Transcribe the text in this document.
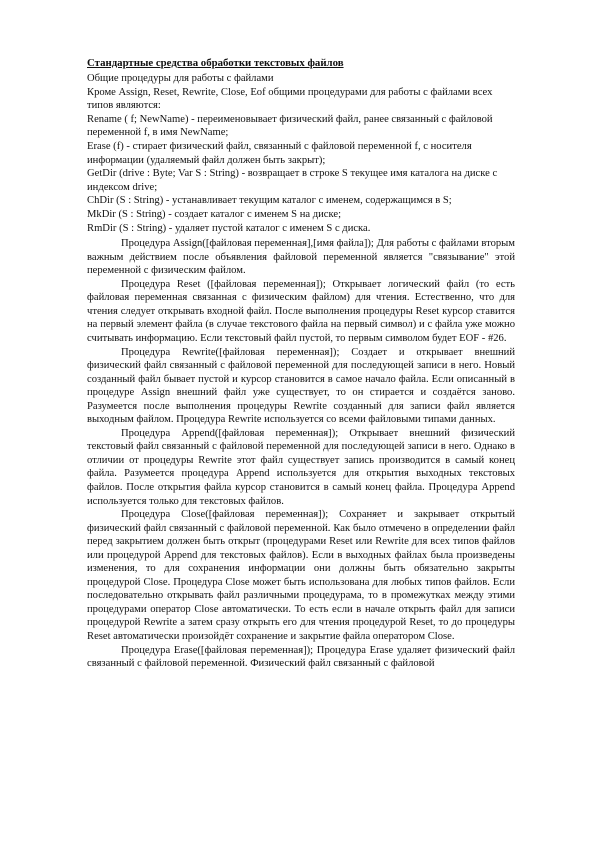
Стандартные средства обработки текстовых файлов

Общие процедуры для работы с файлами

Кроме Assign, Reset, Rewrite, Close, Eof общими процедурами для работы с файлами всех типов являются:

Rename ( f; NewName) - переименовывает физический файл, ранее связанный с файловой переменной f, в имя NewName;

Erase (f) - стирает физический файл, связанный с файловой переменной f, с носителя информации (удаляемый файл должен быть закрыт);

GetDir (drive : Byte; Var S : String) - возвращает в строке S текущее имя каталога на диске с индексом drive;

ChDir (S : String) - устанавливает текущим каталог с именем, содержащимся в S;

MkDir (S : String) - создает каталог с именем S на диске;

RmDir (S : String) - удаляет пустой каталог с именем S с диска.

Процедура Assign([файловая переменная],[имя файла]); Для работы с файлами вторым важным действием после объявления файловой переменной является "связывание" этой переменной с физическим файлом.

Процедура Reset ([файловая переменная]); Открывает логический файл (то есть файловая переменная связанная с физическим файлом) для чтения. Естественно, что для чтения следует открывать входной файл. После выполнения процедуры Reset курсор ставится на первый элемент файла (в случае текстового файла на первый символ) и с файла уже можно считывать информацию. Если текстовый файл пустой, то первым символом будет EOF - #26.

Процедура Rewrite([файловая переменная]); Создает и открывает внешний физический файл связанный с файловой переменной для последующей записи в него. Новый созданный файл бывает пустой и курсор становится в самое начало файла. Если описанный в процедуре Assign внешний файл уже существует, то он стирается и создаётся заново. Разумеется после выполнения процедуры Rewrite созданный для записи файл является выходным файлом. Процедура Rewrite используется со всеми файловыми типами данных.

Процедура Append([файловая переменная]); Открывает внешний физический текстовый файл связанный с файловой переменной для последующей записи в него. Однако в отличии от процедуры Rewrite этот файл существует запись производится в самый конец файла. Разумеется процедура Append используется для открытия выходных текстовых файлов. После открытия файла курсор становится в самый конец файла. Процедура Append используется только для текстовых файлов.

Процедура Close([файловая переменная]); Сохраняет и закрывает открытый физический файл связанный с файловой переменной. Как было отмечено в определении файл перед закрытием должен быть открыт (процедурами Reset или Rewrite для всех типов файлов или процедурой Append для текстовых файлов). Если в выходных файлах была произведены изменения, то для сохранения информации они должны быть обязательно закрыты процедурой Close. Процедура Close может быть использована для любых типов файлов. Если последовательно открывать файл различными процедурама, то в промежутках между этими процедурами оператор Close автоматически. То есть если в начале открыть файл для записи процедурой Rewrite а затем сразу открыть его для чтения процедурой Reset, то до процедуры Reset автоматически произойдёт сохранение и закрытие файла оператором Close.

Процедура Erase([файловая переменная]); Процедура Erase удаляет физический файл связанный с файловой переменной. Физический файл связанный с файловой
